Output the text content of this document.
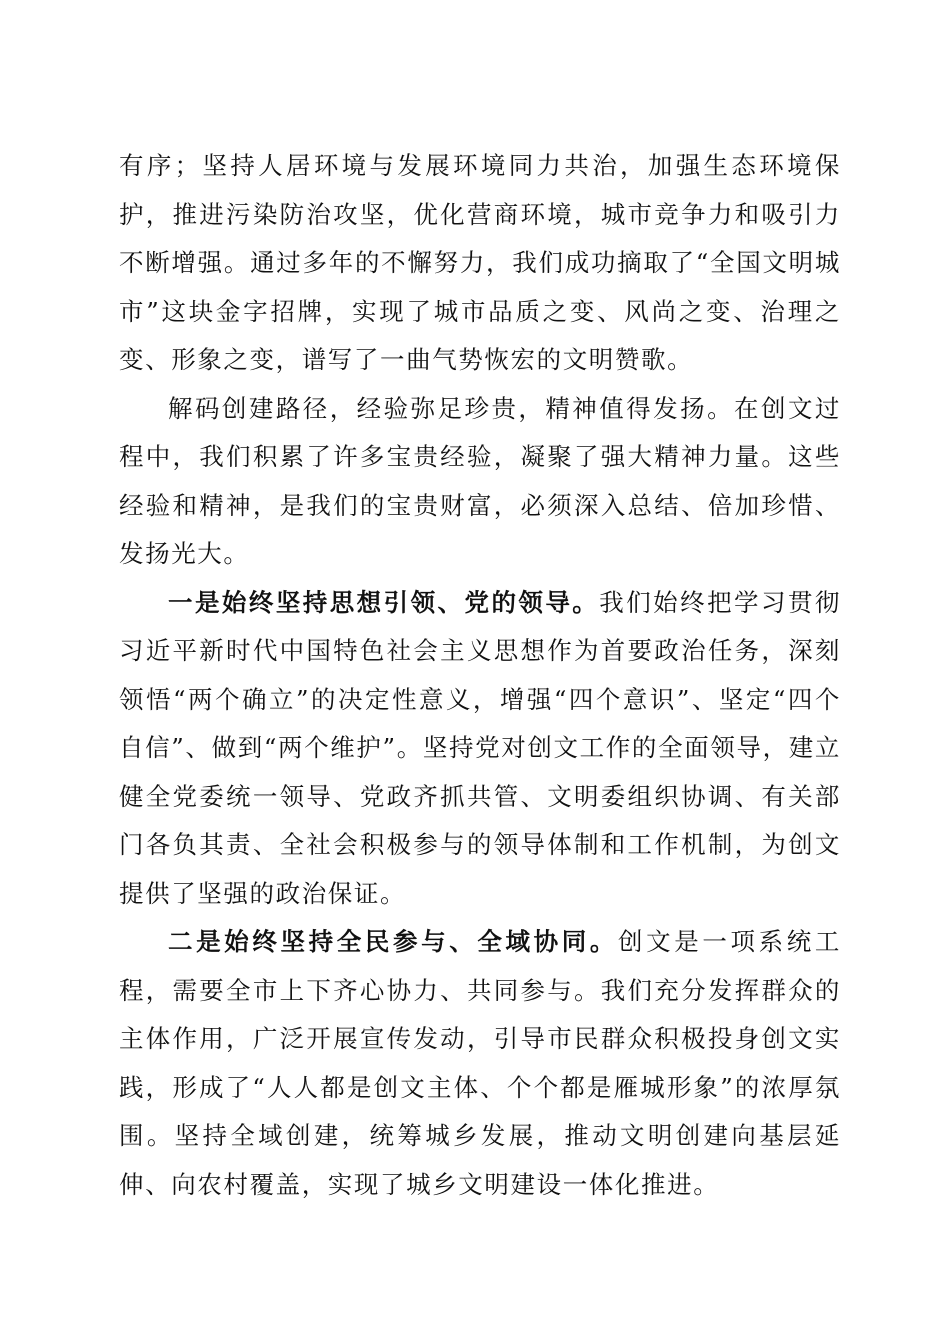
有序；坚持人居环境与发展环境同力共治，加强生态环境保护，推进污染防治攻坚，优化营商环境，城市竞争力和吸引力不断增强。通过多年的不懈努力，我们成功摘取了“全国文明城市”这块金字招牌，实现了城市品质之变、风尚之变、治理之变、形象之变，谱写了一曲气势恢宏的文明赞歌。

解码创建路径，经验弥足珍贵，精神值得发扬。在创文过程中，我们积累了许多宝贵经验，凝聚了强大精神力量。这些经验和精神，是我们的宝贵财富，必须深入总结、倍加珍惜、发扬光大。

一是始终坚持思想引领、党的领导。我们始终把学习贯彻习近平新时代中国特色社会主义思想作为首要政治任务，深刻领悟“两个确立”的决定性意义，增强“四个意识”、坚定“四个自信”、做到“两个维护”。坚持党对创文工作的全面领导，建立健全党委统一领导、党政齐抓共管、文明委组织协调、有关部门各负其责、全社会积极参与的领导体制和工作机制，为创文提供了坚强的政治保证。

二是始终坚持全民参与、全域协同。创文是一项系统工程，需要全市上下齐心协力、共同参与。我们充分发挥群众的主体作用，广泛开展宣传发动，引导市民群众积极投身创文实践，形成了“人人都是创文主体、个个都是雁城形象”的浓厚氛围。坚持全域创建，统筹城乡发展，推动文明创建向基层延伸、向农村覆盖，实现了城乡文明建设一体化推进。
